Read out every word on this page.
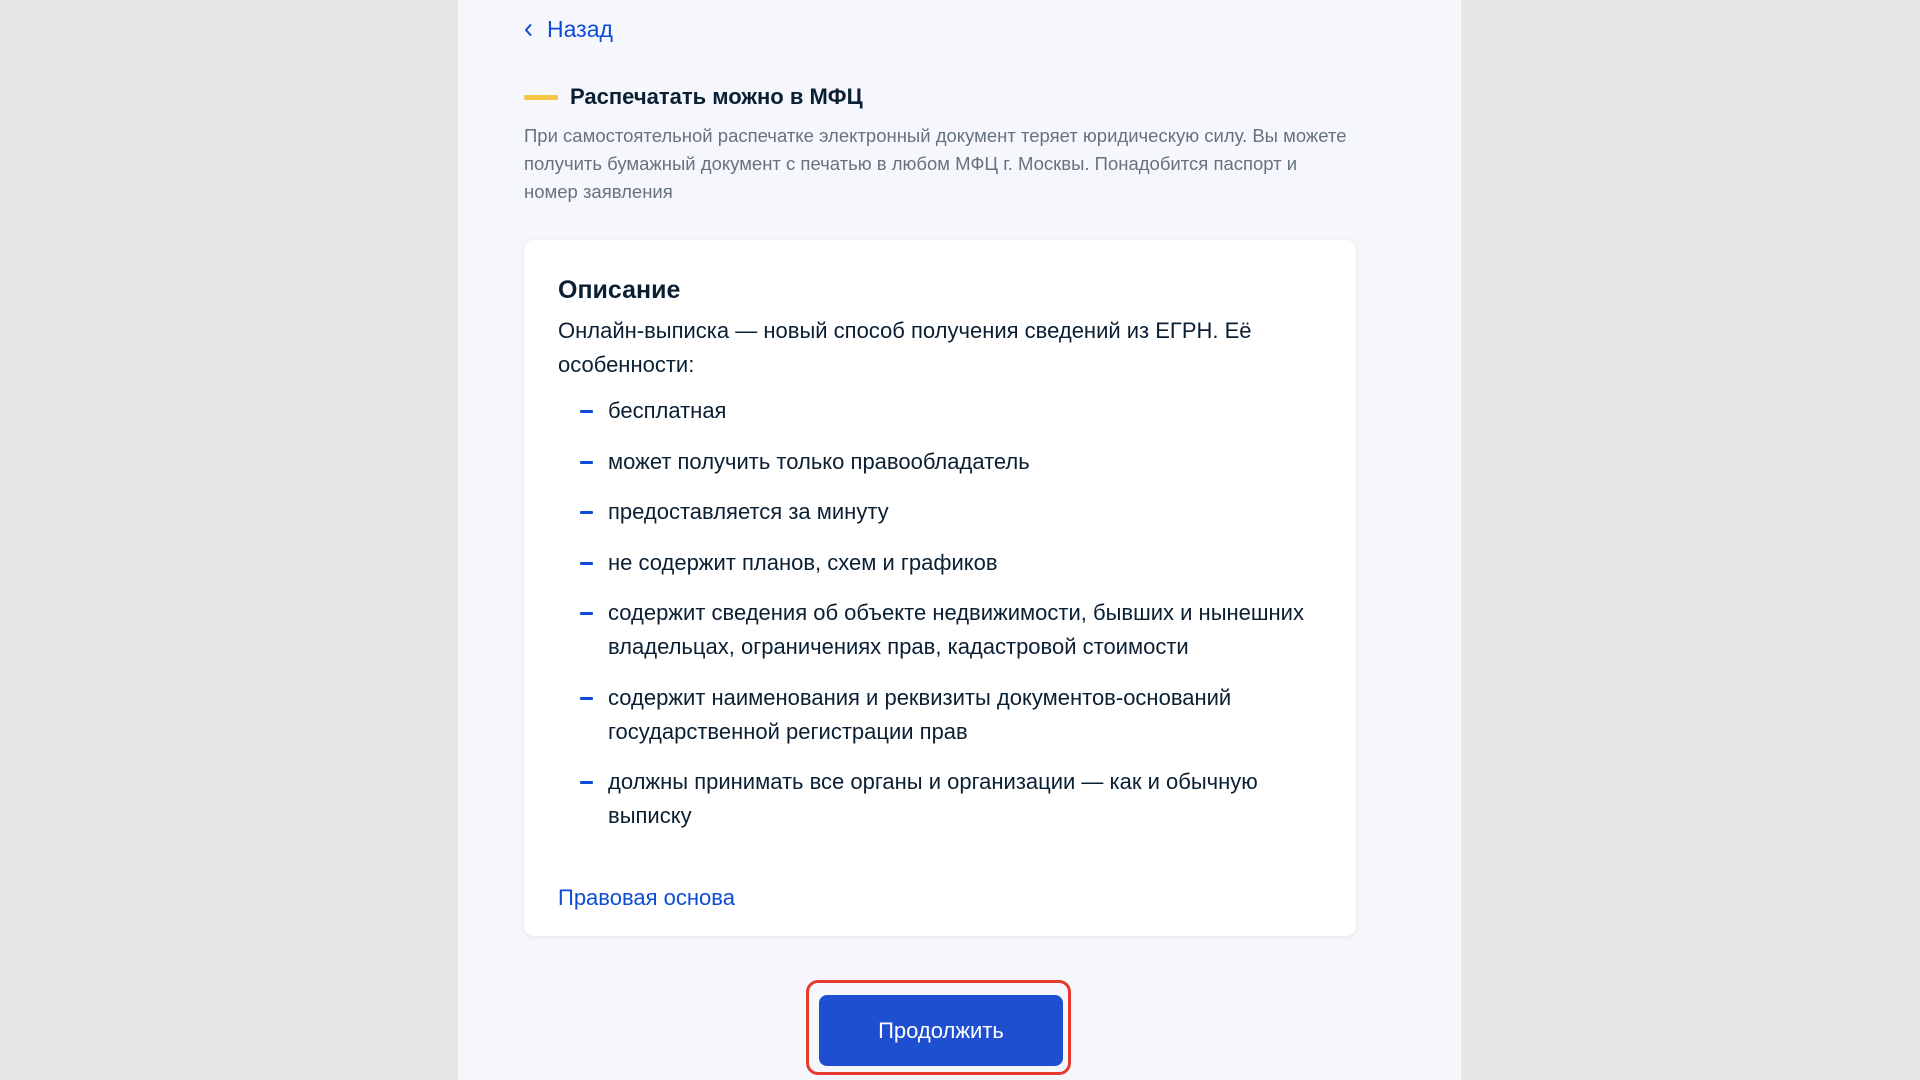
Назад
Распечатать можно в МФЦ

При самостоятельной распечатке электронный документ теряет юридическую силу. Вы можете получить бумажный документ с печатью в любом МФЦ г. Москвы. Понадобится паспорт и номер заявления

Описание

Онлайн-выписка — новый способ получения сведений из ЕГРН. Её особенности:

бесплатная
может получить только правообладатель
предоставляется за минуту
не содержит планов, схем и графиков
содержит сведения об объекте недвижимости, бывших и нынешних владельцах, ограничениях прав, кадастровой стоимости
содержит наименования и реквизиты документов-оснований государственной регистрации прав
должны принимать все органы и организации — как и обычную выписку
Правовая основа
Продолжить
